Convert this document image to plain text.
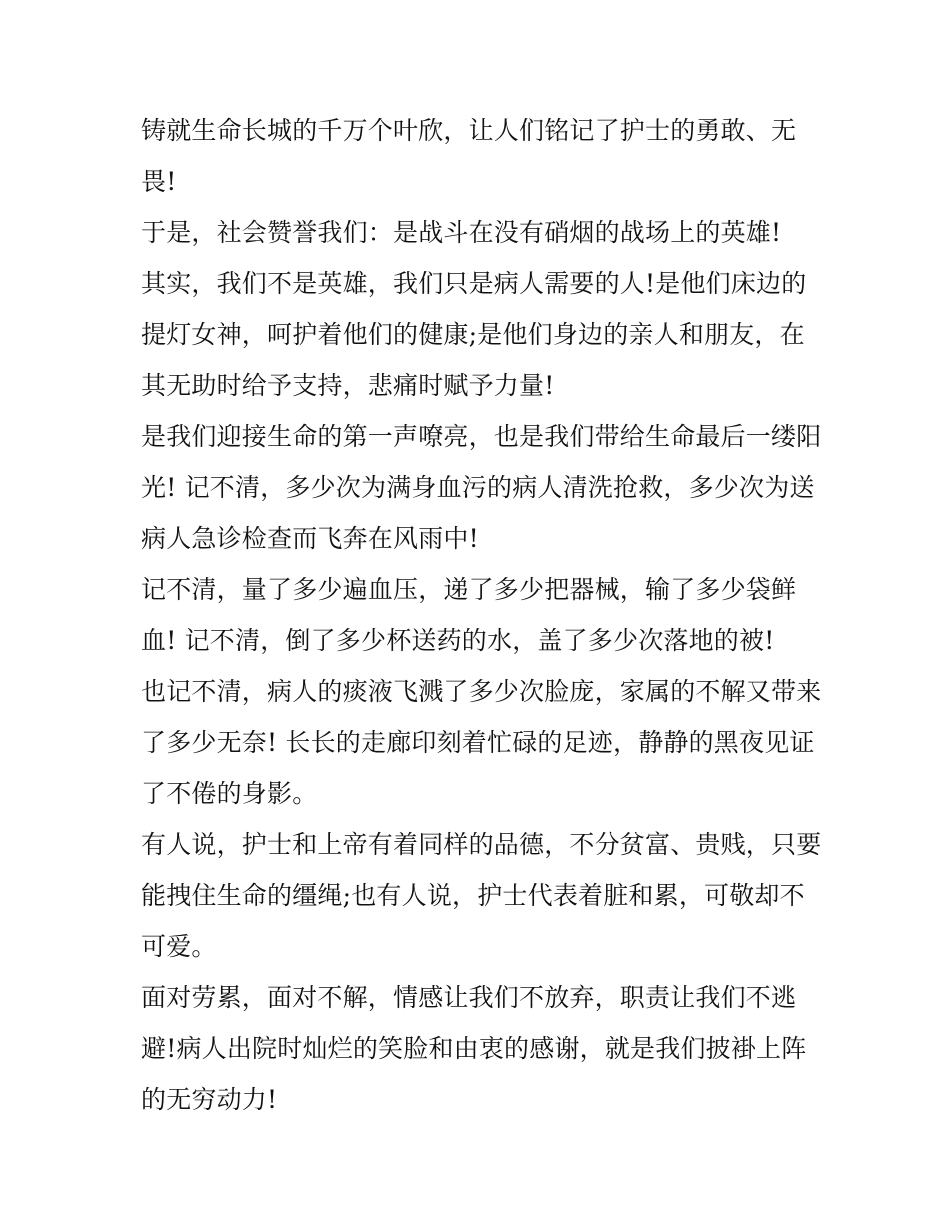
铸就生命长城的千万个叶欣，让人们铭记了护士的勇敢、无
畏!
于是，社会赞誉我们：是战斗在没有硝烟的战场上的英雄!
其实，我们不是英雄，我们只是病人需要的人!是他们床边的
提灯女神，呵护着他们的健康;是他们身边的亲人和朋友，在
其无助时给予支持，悲痛时赋予力量!
是我们迎接生命的第一声嘹亮，也是我们带给生命最后一缕阳
光! 记不清，多少次为满身血污的病人清洗抢救，多少次为送
病人急诊检查而飞奔在风雨中!
记不清，量了多少遍血压，递了多少把器械，输了多少袋鲜
血! 记不清，倒了多少杯送药的水，盖了多少次落地的被!
也记不清，病人的痰液飞溅了多少次脸庞，家属的不解又带来
了多少无奈! 长长的走廊印刻着忙碌的足迹，静静的黑夜见证
了不倦的身影。
有人说，护士和上帝有着同样的品德，不分贫富、贵贱，只要
能拽住生命的缰绳;也有人说，护士代表着脏和累，可敬却不
可爱。
面对劳累，面对不解，情感让我们不放弃，职责让我们不逃
避!病人出院时灿烂的笑脸和由衷的感谢，就是我们披褂上阵
的无穷动力!
